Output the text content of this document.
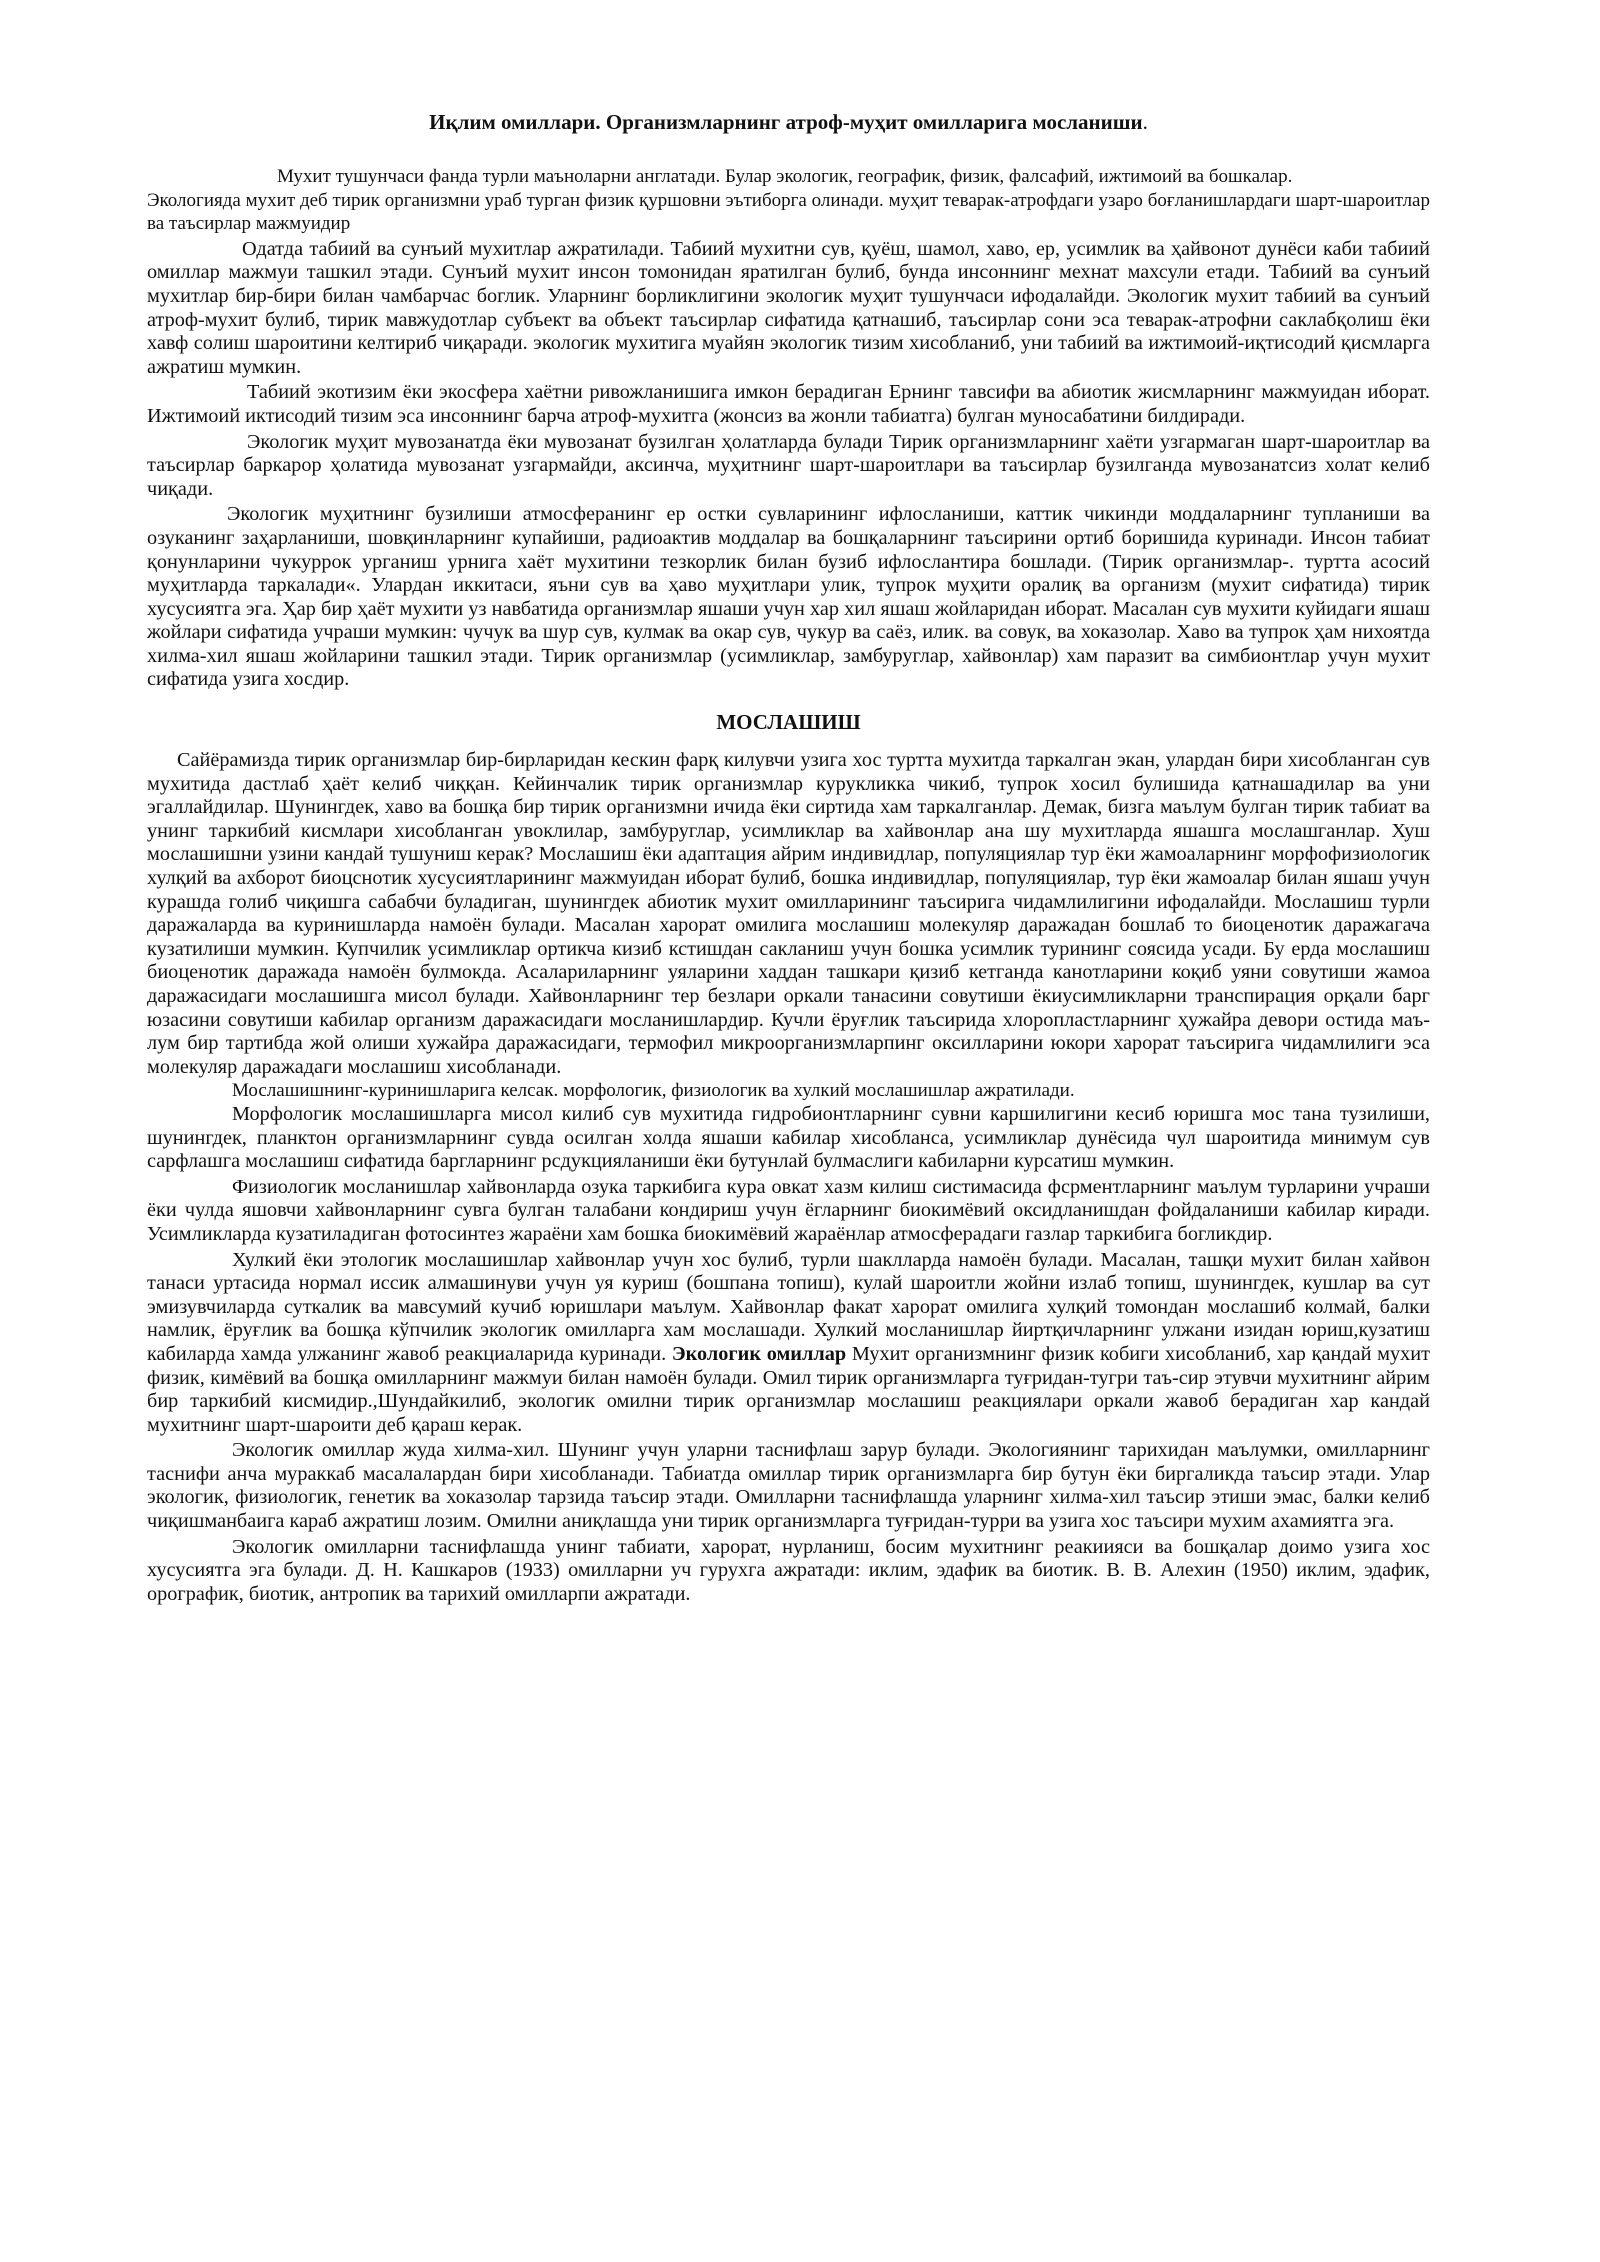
Иқлим омиллари. Организмларнинг атроф-муҳит омилларига мосланиши.

Мухит тушунчаси фанда турли маъноларни англатади. Булар экологик, географик, физик, фалсафий, ижтимоий ва бошкалар.

Экологияда мухит деб тирик организмни ураб турган физик қуршовни эътиборга олинади. муҳит теварак-атрофдаги узаро боғланишлардаги шарт-шароитлар ва таъсирлар мажмуидир

Одатда табиий ва сунъий мухитлар ажратилади. Табиий мухитни сув, қуёш, шамол, хаво, ер, усимлик ва ҳайвонот дунёси каби табиий омиллар мажмуи ташкил этади. Сунъий мухит инсон томонидан яратилган булиб, бунда инсоннинг мехнат махсули етади. Табиий ва сунъий мухитлар бир-бири билан чамбарчас боглик. Уларнинг борликлигини экологик муҳит тушунчаси ифодалайди. Экологик мухит табиий ва сунъий атроф-мухит булиб, тирик мавжудотлар субъект ва объект таъсирлар сифатида қатнашиб, таъсирлар сони эса теварак-атрофни саклабқолиш ёки хавф солиш шароитини келтириб чиқаради. экологик мухитига муайян экологик тизим хисобланиб, уни табиий ва ижтимоий-иқтисодий қисмларга ажратиш мумкин.

Табиий экотизим ёки экосфера хаётни ривожланишига имкон берадиган Ернинг тавсифи ва абиотик жисмларнинг мажмуидан иборат. Ижтимоий иктисодий тизим эса инсоннинг барча атроф-мухитга (жонсиз ва жонли табиатга) булган муносабатини билдиради.

Экологик муҳит мувозанатда ёки мувозанат бузилган ҳолатларда булади Тирик организмларнинг хаёти узгармаган шарт-шароитлар ва таъсирлар баркарор ҳолатида мувозанат узгармайди, аксинча, муҳитнинг шарт-шароитлари ва таъсирлар бузилганда мувозанатсиз холат келиб чиқади.

Экологик муҳитнинг бузилиши атмосферанинг ер остки сувларининг ифлосланиши, каттик чикинди моддаларнинг тупланиши ва озуканинг заҳарланиши, шовқинларнинг купайиши, радиоактив моддалар ва бошқаларнинг таъсирини ортиб боришида куринади. Инсон табиат қонунларини чукуррок урганиш урнига хаёт мухитини тезкорлик билан бузиб ифлослантира бошлади. (Тирик организмлар-. туртта асосий муҳитларда таркалади«. Улардан иккитаси, яъни сув ва ҳаво муҳитлари улик, тупрок муҳити оралиқ ва организм (мухит сифатида) тирик хусусиятга эга. Ҳар бир ҳаёт мухити уз навбатида организмлар яшаши учун хар хил яшаш жойларидан иборат. Масалан сув мухити куйидаги яшаш жойлари сифатида учраши мумкин: чучук ва шур сув, кулмак ва окар сув, чукур ва саёз, илик. ва совук, ва хоказолар. Хаво ва тупрок ҳам нихоятда хилма-хил яшаш жойларини ташкил этади. Тирик организмлар (усимликлар, замбуруглар, хайвонлар) хам паразит ва симбионтлар учун мухит сифатида узига хосдир.

МОСЛАШИШ

Сайёрамизда тирик организмлар бир-бирларидан кескин фарқ килувчи узига хос туртта мухитда таркалган экан, улардан бири хисобланган сув мухитида дастлаб ҳаёт келиб чиққан. Кейинчалик тирик организмлар курукликка чикиб, тупрок хосил булишида қатнашадилар ва уни эгаллайдилар. Шунингдек, хаво ва бошқа бир тирик организмни ичида ёки сиртида хам таркалганлар. Демак, бизга маълум булган тирик табиат ва унинг таркибий кисмлари хисобланган увоклилар, замбуруглар, усимликлар ва хайвонлар ана шу мухитларда яшашга мослашганлар. Хуш мослашишни узини кандай тушуниш керак? Мослашиш ёки адаптация айрим индивидлар, популяциялар тур ёки жамоаларнинг морфофизиологик хулқий ва ахборот биоцснотик хусусиятларининг мажмуидан иборат булиб, бошка индивидлар, популяциялар, тур ёки жамоалар билан яшаш учун курашда голиб чиқишга сабабчи буладиган, шунингдек абиотик мухит омилларининг таъсирига чидамлилигини ифодалайди. Мослашиш турли даражаларда ва куринишларда намоён булади. Масалан харорат омилига мослашиш молекуляр даражадан бошлаб то биоценотик даражагача кузатилиши мумкин. Купчилик усимликлар ортикча кизиб кстишдан сакланиш учун бошка усимлик турининг соясида усади. Бу ерда мослашиш биоценотик даражада намоён булмокда. Асалариларнинг уяларини хаддан ташкари қизиб кетганда канотларини коқиб уяни совутиши жамоа даражасидаги мослашишга мисол булади. Хайвонларнинг тер безлари оркали танасини совутиши ёкиусимликларни транспирация орқали барг юзасини совутиши кабилар организм даражасидаги мосланишлардир. Кучли ёруғлик таъсирида хлоропластларнинг ҳужайра девори остида маъ-лум бир тартибда жой олиши хужайра даражасидаги, термофил микроорганизмларпинг оксилларини юкори харорат таъсирига чидамлилиги эса молекуляр даражадаги мослашиш хисобланади.

Мослашишнинг-куринишларига келсак. морфологик, физиологик ва хулкий мослашишлар ажратилади.

Морфологик мослашишларга мисол килиб сув мухитида гидробионтларнинг сувни каршилигини кесиб юришга мос тана тузилиши, шунингдек, планктон организмларнинг сувда осилган холда яшаши кабилар хисобланса, усимликлар дунёсида чул шароитида минимум сув сарфлашга мослашиш сифатида баргларнинг рсдукцияланиши ёки бутунлай булмаслиги кабиларни курсатиш мумкин.

Физиологик мосланишлар хайвонларда озука таркибига кура овкат хазм килиш систимасида фсрментларнинг маълум турларини учраши ёки чулда яшовчи хайвонларнинг сувга булган талабани кондириш учун ёгларнинг биокимёвий оксидланишдан фойдаланиши кабилар киради. Усимликларда кузатиладиган фотосинтез жараёни хам бошка биокимёвий жараёнлар атмосферадаги газлар таркибига богликдир.

Хулкий ёки этологик мослашишлар хайвонлар учун хос булиб, турли шаклларда намоён булади. Масалан, ташқи мухит билан хайвон танаси уртасида нормал иссик алмашинуви учун уя куриш (бошпана топиш), кулай шароитли жойни излаб топиш, шунингдек, кушлар ва сут эмизувчиларда суткалик ва мавсумий кучиб юришлари маълум. Хайвонлар факат харорат омилига хулқий томондан мослашиб колмай, балки намлик, ёруғлик ва бошқа кўпчилик экологик омилларга хам мослашади. Хулкий мосланишлар йиртқичларнинг улжани изидан юриш,кузатиш кабиларда хамда улжанинг жавоб реакциаларида куринади. Экологик омиллар Мухит организмнинг физик кобиги хисобланиб, хар қандай мухит физик, кимёвий ва бошқа омилларнинг мажмуи билан намоён булади. Омил тирик организмларга туғридан-тугри таъ-сир этувчи мухитнинг айрим бир таркибий кисмидир.,Шундайкилиб, экологик омилни тирик организмлар мослашиш реакциялари оркали жавоб берадиган хар кандай мухитнинг шарт-шароити деб қараш керак.

Экологик омиллар жуда хилма-хил. Шунинг учун уларни таснифлаш зарур булади. Экологиянинг тарихидан маълумки, омилларнинг таснифи анча мураккаб масалалардан бири хисобланади. Табиатда омиллар тирик организмларга бир бутун ёки биргаликда таъсир этади. Улар экологик, физиологик, генетик ва хоказолар тарзида таъсир этади. Омилларни таснифлашда уларнинг хилма-хил таъсир этиши эмас, балки келиб чиқишманбаига караб ажратиш лозим. Омилни аниқлашда уни тирик организмларга туғридан-турри ва узига хос таъсири мухим ахамиятга эга.

Экологик омилларни таснифлашда унинг табиати, харорат, нурланиш, босим мухитнинг реакиияси ва бошқалар доимо узига хос хусусиятга эга булади. Д. Н. Кашкаров (1933) омилларни уч гурухга ажратади: иклим, эдафик ва биотик. В. В. Алехин (1950) иклим, эдафик, орографик, биотик, антропик ва тарихий омилларпи ажратади.
